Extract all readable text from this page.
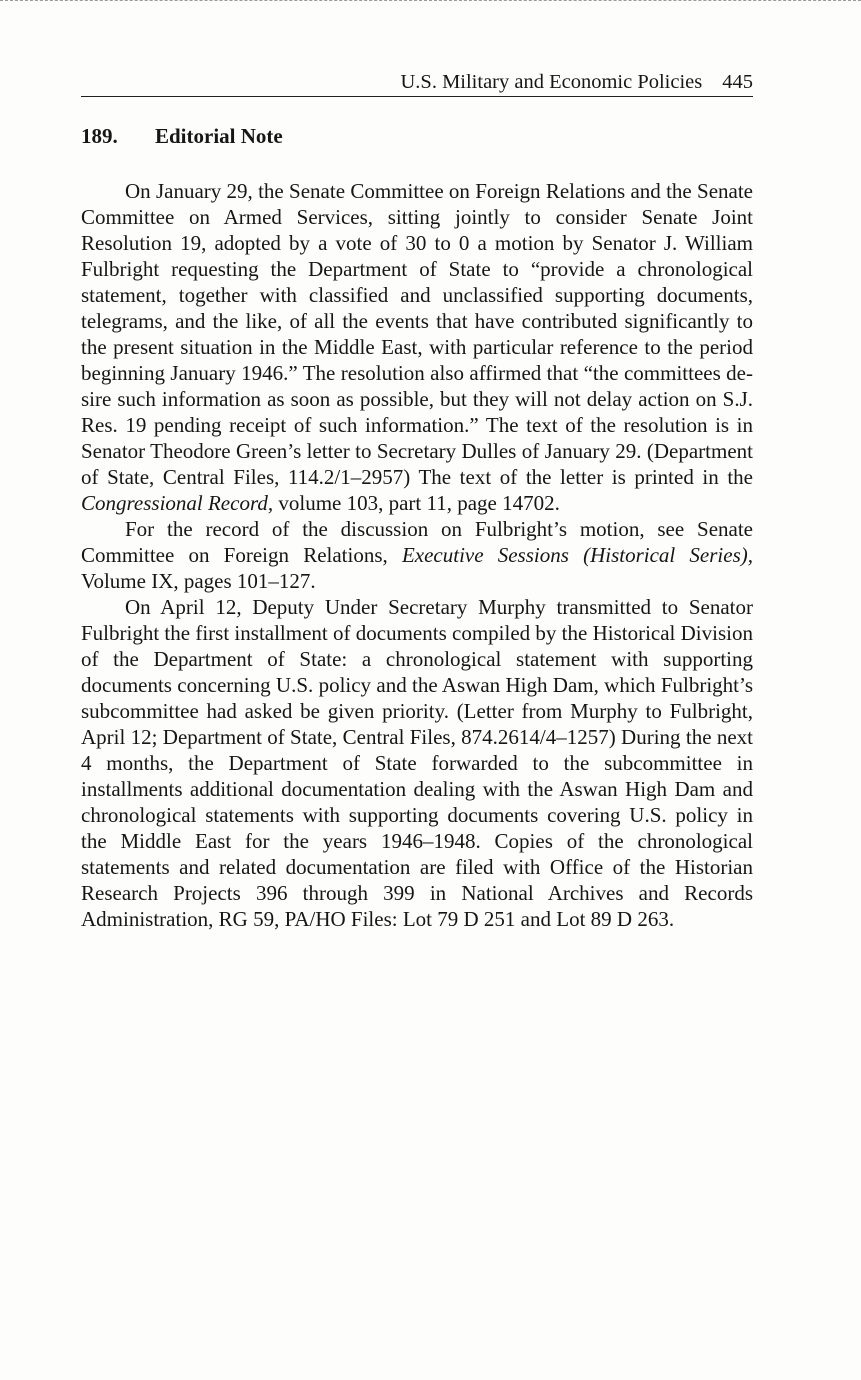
U.S. Military and Economic Policies 445
189. Editorial Note

On January 29, the Senate Committee on Foreign Relations and the Senate Committee on Armed Services, sitting jointly to consider Senate Joint Resolution 19, adopted by a vote of 30 to 0 a motion by Senator J. William Fulbright requesting the Department of State to “provide a chronological statement, together with classified and unclassified supporting documents, telegrams, and the like, of all the events that have contributed significantly to the present situation in the Middle East, with particular reference to the period beginning January 1946.” The resolution also affirmed that “the committees desire such information as soon as possible, but they will not delay action on S.J. Res. 19 pending receipt of such information.” The text of the resolution is in Senator Theodore Green’s letter to Secretary Dulles of January 29. (Department of State, Central Files, 114.2/1–2957) The text of the letter is printed in the Congressional Record, volume 103, part 11, page 14702.

For the record of the discussion on Fulbright’s motion, see Senate Committee on Foreign Relations, Executive Sessions (Historical Series), Volume IX, pages 101–127.

On April 12, Deputy Under Secretary Murphy transmitted to Senator Fulbright the first installment of documents compiled by the Historical Division of the Department of State: a chronological statement with supporting documents concerning U.S. policy and the Aswan High Dam, which Fulbright’s subcommittee had asked be given priority. (Letter from Murphy to Fulbright, April 12; Department of State, Central Files, 874.2614/4–1257) During the next 4 months, the Department of State forwarded to the subcommittee in installments additional documentation dealing with the Aswan High Dam and chronological statements with supporting documents covering U.S. policy in the Middle East for the years 1946–1948. Copies of the chronological statements and related documentation are filed with Office of the Historian Research Projects 396 through 399 in National Archives and Records Administration, RG 59, PA/HO Files: Lot 79 D 251 and Lot 89 D 263.
